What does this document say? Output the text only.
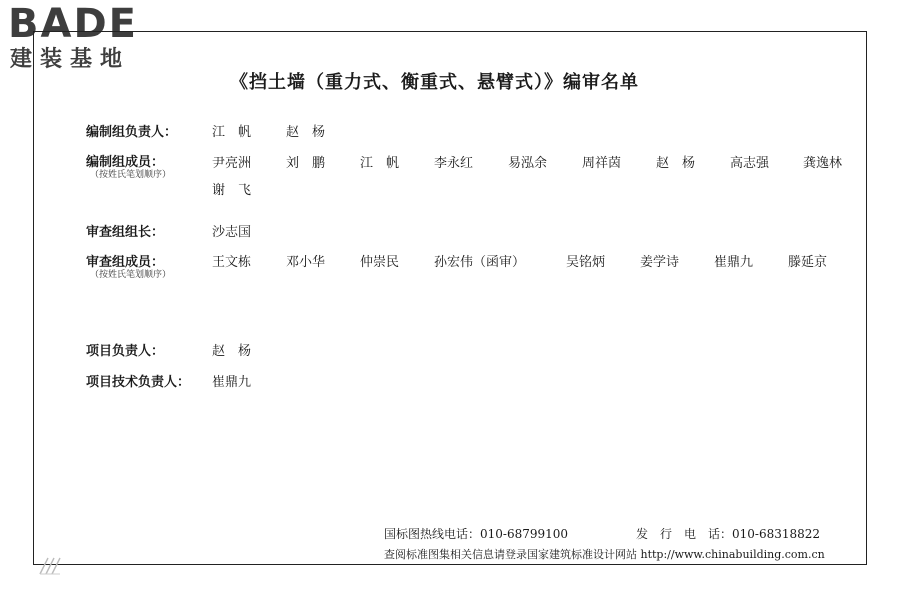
BADE
建装基地
《挡土墙（重力式、衡重式、悬臂式）》编审名单
编制组负责人：	江　帆	赵　杨
编制组成员：
（按姓氏笔划顺序）
尹亮洲	刘　鹏	江　帆	李永红	易泓余	周祥茵	赵　杨	高志强	龚逸林
谢　飞
审查组组长：	沙志国
审查组成员：
（按姓氏笔划顺序）
王文栋	邓小华	仲崇民	孙宏伟（函审）	吴铭炳	姜学诗	崔鼎九	滕延京
项目负责人：	赵　杨
项目技术负责人： 崔鼎九
国标图热线电话：010-68799100	发　行　电　话：010-68318822
查阅标准图集相关信息请登录国家建筑标准设计网站 http://www.chinabuilding.com.cn
